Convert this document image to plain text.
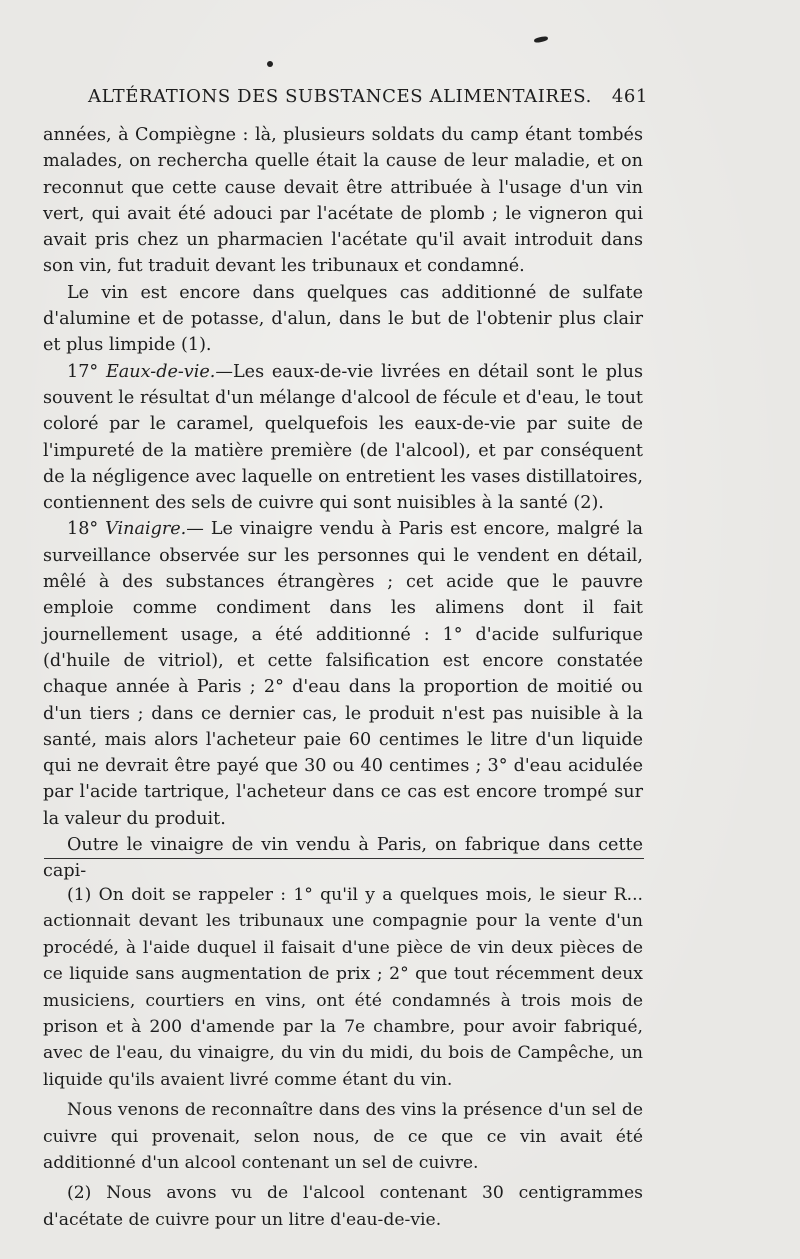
ALTÉRATIONS DES SUBSTANCES ALIMENTAIRES. 461

années, à Compiègne : là, plusieurs soldats du camp étant tombés malades, on rechercha quelle était la cause de leur maladie, et on reconnut que cette cause devait être attribuée à l'usage d'un vin vert, qui avait été adouci par l'acétate de plomb ; le vigneron qui avait pris chez un pharmacien l'acétate qu'il avait introduit dans son vin, fut traduit devant les tribunaux et condamné.

Le vin est encore dans quelques cas additionné de sulfate d'alumine et de potasse, d'alun, dans le but de l'obtenir plus clair et plus limpide (1).

17° Eaux-de-vie.—Les eaux-de-vie livrées en détail sont le plus souvent le résultat d'un mélange d'alcool de fécule et d'eau, le tout coloré par le caramel, quelquefois les eaux-de-vie par suite de l'impureté de la matière première (de l'alcool), et par conséquent de la négligence avec laquelle on entretient les vases distillatoires, contiennent des sels de cuivre qui sont nuisibles à la santé (2).

18° Vinaigre.— Le vinaigre vendu à Paris est encore, malgré la surveillance observée sur les personnes qui le vendent en détail, mêlé à des substances étrangères ; cet acide que le pauvre emploie comme condiment dans les alimens dont il fait journellement usage, a été additionné : 1° d'acide sulfurique (d'huile de vitriol), et cette falsification est encore constatée chaque année à Paris ; 2° d'eau dans la proportion de moitié ou d'un tiers ; dans ce dernier cas, le produit n'est pas nuisible à la santé, mais alors l'acheteur paie 60 centimes le litre d'un liquide qui ne devrait être payé que 30 ou 40 centimes ; 3° d'eau acidulée par l'acide tartrique, l'acheteur dans ce cas est encore trompé sur la valeur du produit.

Outre le vinaigre de vin vendu à Paris, on fabrique dans cette capi-

(1) On doit se rappeler : 1° qu'il y a quelques mois, le sieur R... actionnait devant les tribunaux une compagnie pour la vente d'un procédé, à l'aide duquel il faisait d'une pièce de vin deux pièces de ce liquide sans augmentation de prix ; 2° que tout récemment deux musiciens, courtiers en vins, ont été condamnés à trois mois de prison et à 200 d'amende par la 7e chambre, pour avoir fabriqué, avec de l'eau, du vinaigre, du vin du midi, du bois de Campêche, un liquide qu'ils avaient livré comme étant du vin.

Nous venons de reconnaître dans des vins la présence d'un sel de cuivre qui provenait, selon nous, de ce que ce vin avait été additionné d'un alcool contenant un sel de cuivre.

(2) Nous avons vu de l'alcool contenant 30 centigrammes d'acétate de cuivre pour un litre d'eau-de-vie.
